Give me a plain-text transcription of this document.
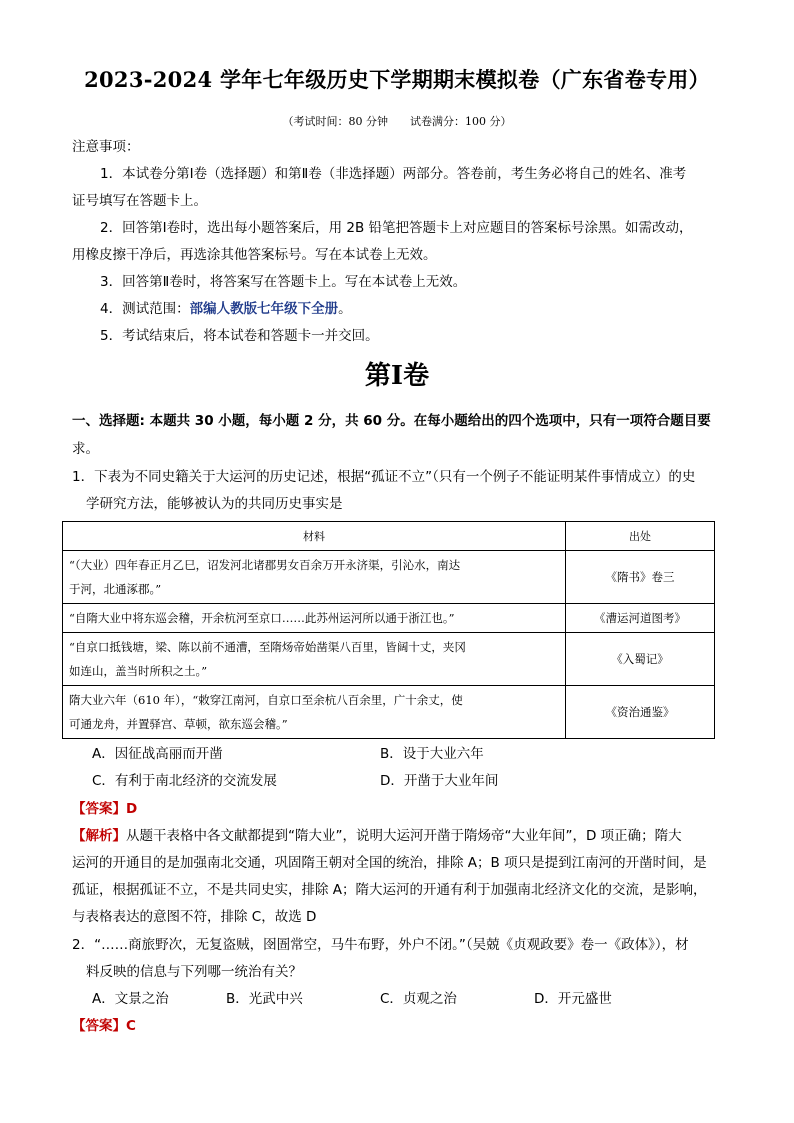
2023-2024 学年七年级历史下学期期末模拟卷（广东省卷专用）
（考试时间：80 分钟　　试卷满分：100 分）
注意事项：
1．本试卷分第Ⅰ卷（选择题）和第Ⅱ卷（非选择题）两部分。答卷前，考生务必将自己的姓名、准考
证号填写在答题卡上。
2．回答第Ⅰ卷时，选出每小题答案后，用 2B 铅笔把答题卡上对应题目的答案标号涂黑。如需改动，
用橡皮擦干净后，再选涂其他答案标号。写在本试卷上无效。
3．回答第Ⅱ卷时，将答案写在答题卡上。写在本试卷上无效。
4．测试范围：部编人教版七年级下全册。
5．考试结束后，将本试卷和答题卡一并交回。
第Ⅰ卷
一、选择题: 本题共 30 小题，每小题 2 分，共 60 分。在每小题给出的四个选项中，只有一项符合题目要
求。
1．下表为不同史籍关于大运河的历史记述，根据“孤证不立”（只有一个例子不能证明某件事情成立）的史
学研究方法，能够被认为的共同历史事实是
材料	出处

“（大业）四年春正月乙巳，诏发河北诸郡男女百余万开永济渠，引沁水，南达
于河，北通涿郡。”	《隋书》卷三

“自隋大业中将东巡会稽，开余杭河至京口……此苏州运河所以通于浙江也。”	《漕运河道图考》

“自京口抵钱塘，梁、陈以前不通漕，至隋炀帝始凿渠八百里，皆阔十丈，夹冈
如连山，盖当时所积之土。”	《入蜀记》

隋大业六年（610 年），“敕穿江南河，自京口至余杭八百余里，广十余丈，使
可通龙舟，并置驿宫、草顿，欲东巡会稽。”	《资治通鉴》
A．因征战高丽而开凿	B．设于大业六年
C．有利于南北经济的交流发展	D．开凿于大业年间
【答案】D
【解析】从题干表格中各文献都提到“隋大业”，说明大运河开凿于隋炀帝“大业年间”，D 项正确；隋大
运河的开通目的是加强南北交通，巩固隋王朝对全国的统治，排除 A；B 项只是提到江南河的开凿时间，是
孤证，根据孤证不立，不是共同史实，排除 A；隋大运河的开通有利于加强南北经济文化的交流，是影响，
与表格表达的意图不符，排除 C，故选 D
2．“……商旅野次，无复盗贼，囹圄常空，马牛布野，外户不闭。”（吴兢《贞观政要》卷一《政体》），材
料反映的信息与下列哪一统治有关？
A．文景之治	B．光武中兴	C．贞观之治	D．开元盛世
【答案】C
